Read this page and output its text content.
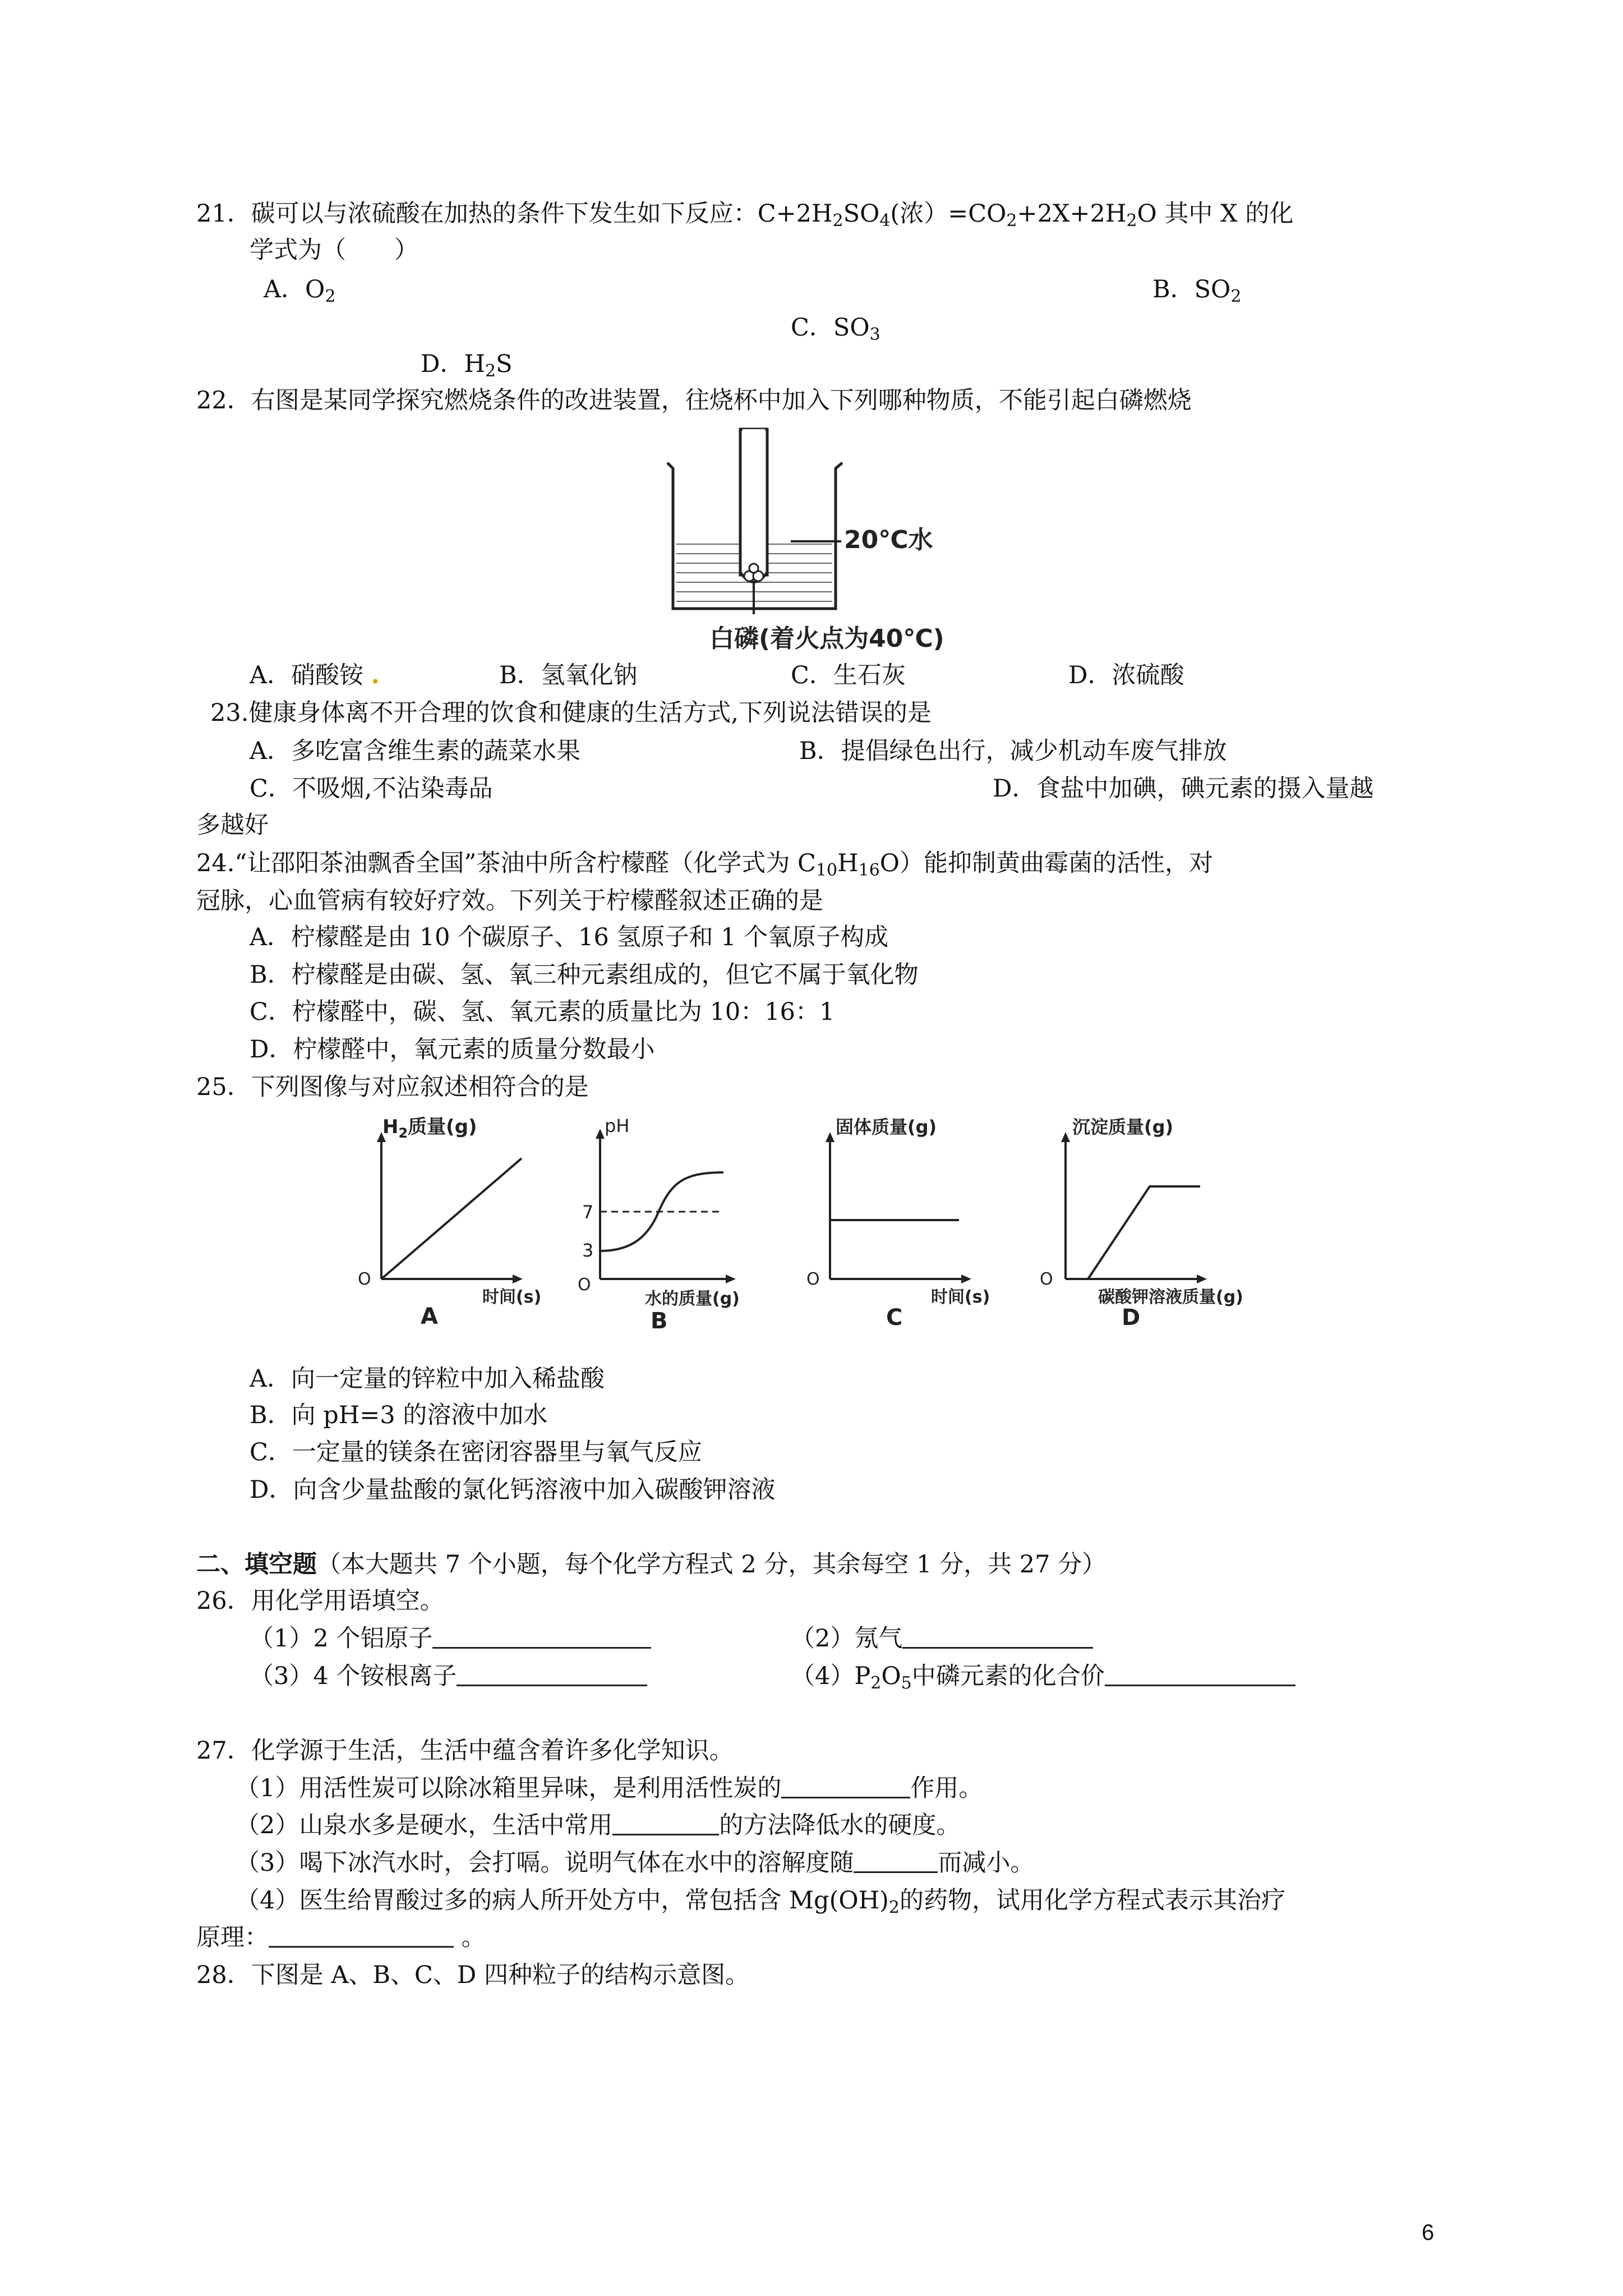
21．碳可以与浓硫酸在加热的条件下发生如下反应：$C+2H_2SO_4$(浓）$=CO_2+2X+2H_2O$ 其中 X 的化
学式为（　　）
A．$O_2$	B．$SO_2$
C．$SO_3$
D．$H_2S$
22．右图是某同学探究燃烧条件的改进装置，往烧杯中加入下列哪种物质，不能引起白磷燃烧
20℃水
白磷(着火点为40℃)
A．硝酸铵 .	B．氢氧化钠	C．生石灰	D．浓硫酸
23.健康身体离不开合理的饮食和健康的生活方式,下列说法错误的是
A．多吃富含维生素的蔬菜水果	B．提倡绿色出行，减少机动车废气排放
C．不吸烟,不沾染毒品	D．食盐中加碘，碘元素的摄入量越
多越好
24.“让邵阳茶油飘香全国”茶油中所含柠檬醛（化学式为 $C_{10}H_{16}O$）能抑制黄曲霉菌的活性，对
冠脉，心血管病有较好疗效。下列关于柠檬醛叙述正确的是
A．柠檬醛是由 10 个碳原子、16 氢原子和 1 个氧原子构成
B．柠檬醛是由碳、氢、氧三种元素组成的，但它不属于氧化物
C．柠檬醛中，碳、氢、氧元素的质量比为 10：16：1
D．柠檬醛中，氧元素的质量分数最小
25．下列图像与对应叙述相符合的是
$H_2$质量(g)
O
时间(s)
A
pH
7
3
O
水的质量(g)
B
固体质量(g)
O
时间(s)
C
沉淀质量(g)
O
碳酸钾溶液质量(g)
D
A．向一定量的锌粒中加入稀盐酸
B．向 pH=3 的溶液中加水
C．一定量的镁条在密闭容器里与氧气反应
D．向含少量盐酸的氯化钙溶液中加入碳酸钾溶液
二、填空题（本大题共 7 个小题，每个化学方程式 2 分，其余每空 1 分，共 27 分）
26．用化学用语填空。
（1）2 个铝原子	（2）氖气
（3）4 个铵根离子	$(4)P_2O_5$中磷元素的化合价
27．化学源于生活，生活中蕴含着许多化学知识。
（1）用活性炭可以除冰箱里异味，是利用活性炭的	作用。
（2）山泉水多是硬水，生活中常用	的方法降低水的硬度。
（3）喝下冰汽水时，会打嗝。说明气体在水中的溶解度随	而减小。
（4）医生给胃酸过多的病人所开处方中，常包括含 $Mg(OH)_2$的药物，试用化学方程式表示其治疗
原理：	。
28．下图是 A、B、C、D 四种粒子的结构示意图。
6
